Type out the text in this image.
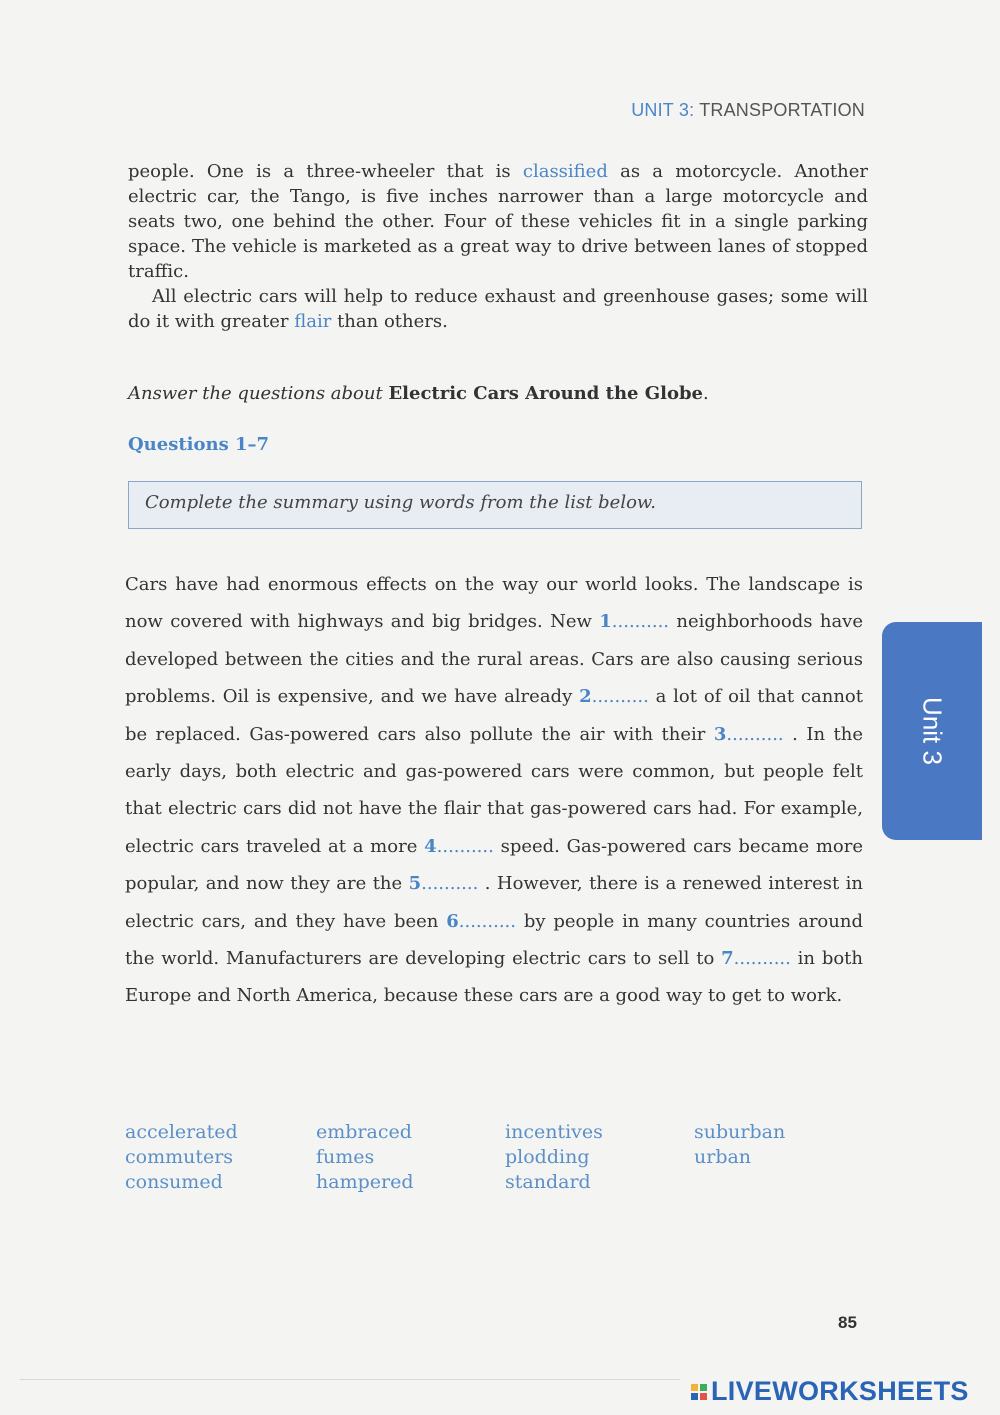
UNIT 3: TRANSPORTATION

people. One is a three-wheeler that is classified as a motorcycle. Another electric car, the Tango, is five inches narrower than a large motorcycle and seats two, one behind the other. Four of these vehicles fit in a single parking space. The vehicle is marketed as a great way to drive between lanes of stopped traffic.

All electric cars will help to reduce exhaust and greenhouse gases; some will do it with greater flair than others.

Answer the questions about Electric Cars Around the Globe.
Questions 1–7
Complete the summary using words from the list below.
Cars have had enormous effects on the way our world looks. The landscape is now covered with highways and big bridges. New 1.......... neighborhoods have developed between the cities and the rural areas. Cars are also causing serious problems. Oil is expensive, and we have already 2.......... a lot of oil that cannot be replaced. Gas-powered cars also pollute the air with their 3.......... . In the early days, both electric and gas-powered cars were common, but people felt that electric cars did not have the flair that gas-powered cars had. For example, electric cars traveled at a more 4.......... speed. Gas-powered cars became more popular, and now they are the 5.......... . However, there is a renewed interest in electric cars, and they have been 6.......... by people in many countries around the world. Manufacturers are developing electric cars to sell to 7.......... in both Europe and North America, because these cars are a good way to get to work.
accelerated
commuters
consumed
embraced
fumes
hampered
incentives
plodding
standard
suburban
urban
Unit 3
85
LIVEWORKSHEETS
